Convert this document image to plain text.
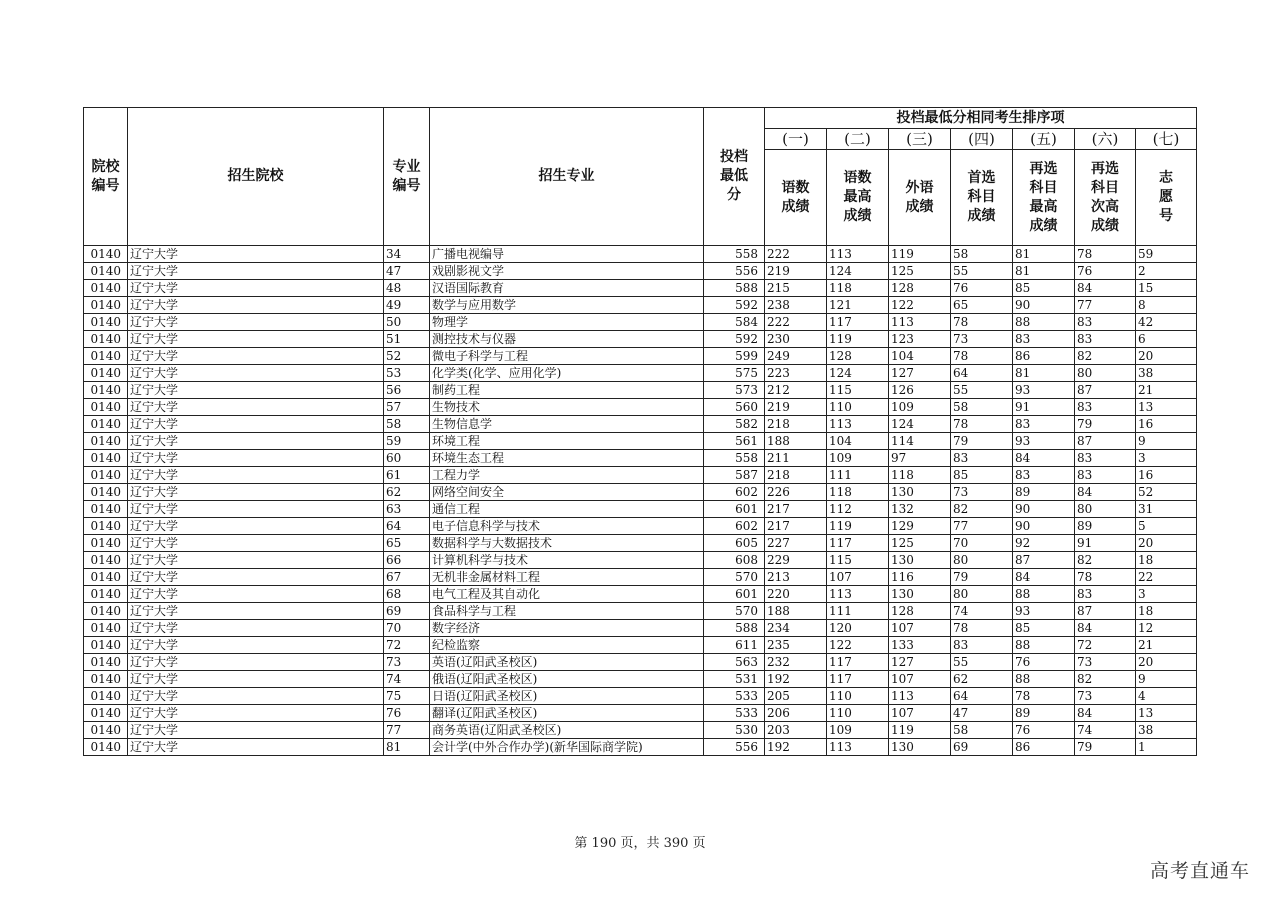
院校编号	招生院校	专业编号	招生专业	投档最低分	投档最低分相同考生排序项						
					(一)	(二)	(三)	(四)	(五)	(六)	(七)
					语数成绩	语数最高成绩	外语成绩	首选科目成绩	再选科目最高成绩	再选科目次高成绩	志愿号
0140	辽宁大学	34	广播电视编导	558	222	113	119	58	81	78	59
0140	辽宁大学	47	戏剧影视文学	556	219	124	125	55	81	76	2
0140	辽宁大学	48	汉语国际教育	588	215	118	128	76	85	84	15
0140	辽宁大学	49	数学与应用数学	592	238	121	122	65	90	77	8
0140	辽宁大学	50	物理学	584	222	117	113	78	88	83	42
0140	辽宁大学	51	测控技术与仪器	592	230	119	123	73	83	83	6
0140	辽宁大学	52	微电子科学与工程	599	249	128	104	78	86	82	20
0140	辽宁大学	53	化学类(化学、应用化学)	575	223	124	127	64	81	80	38
0140	辽宁大学	56	制药工程	573	212	115	126	55	93	87	21
0140	辽宁大学	57	生物技术	560	219	110	109	58	91	83	13
0140	辽宁大学	58	生物信息学	582	218	113	124	78	83	79	16
0140	辽宁大学	59	环境工程	561	188	104	114	79	93	87	9
0140	辽宁大学	60	环境生态工程	558	211	109	97	83	84	83	3
0140	辽宁大学	61	工程力学	587	218	111	118	85	83	83	16
0140	辽宁大学	62	网络空间安全	602	226	118	130	73	89	84	52
0140	辽宁大学	63	通信工程	601	217	112	132	82	90	80	31
0140	辽宁大学	64	电子信息科学与技术	602	217	119	129	77	90	89	5
0140	辽宁大学	65	数据科学与大数据技术	605	227	117	125	70	92	91	20
0140	辽宁大学	66	计算机科学与技术	608	229	115	130	80	87	82	18
0140	辽宁大学	67	无机非金属材料工程	570	213	107	116	79	84	78	22
0140	辽宁大学	68	电气工程及其自动化	601	220	113	130	80	88	83	3
0140	辽宁大学	69	食品科学与工程	570	188	111	128	74	93	87	18
0140	辽宁大学	70	数字经济	588	234	120	107	78	85	84	12
0140	辽宁大学	72	纪检监察	611	235	122	133	83	88	72	21
0140	辽宁大学	73	英语(辽阳武圣校区)	563	232	117	127	55	76	73	20
0140	辽宁大学	74	俄语(辽阳武圣校区)	531	192	117	107	62	88	82	9
0140	辽宁大学	75	日语(辽阳武圣校区)	533	205	110	113	64	78	73	4
0140	辽宁大学	76	翻译(辽阳武圣校区)	533	206	110	107	47	89	84	13
0140	辽宁大学	77	商务英语(辽阳武圣校区)	530	203	109	119	58	76	74	38
0140	辽宁大学	81	会计学(中外合作办学)(新华国际商学院)	556	192	113	130	69	86	79	1
第 190 页，共 390 页
高考直通车
